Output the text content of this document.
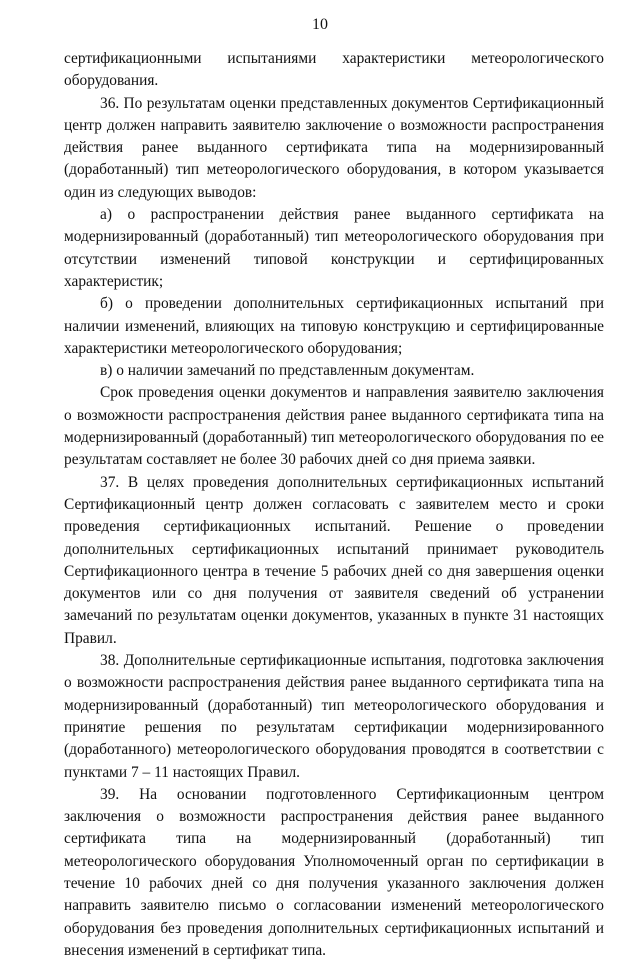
10

сертификационными испытаниями характеристики метеорологического оборудования.

36. По результатам оценки представленных документов Сертификационный центр должен направить заявителю заключение о возможности распространения действия ранее выданного сертификата типа на модернизированный (доработанный) тип метеорологического оборудования, в котором указывается один из следующих выводов:

а) о распространении действия ранее выданного сертификата на модернизированный (доработанный) тип метеорологического оборудования при отсутствии изменений типовой конструкции и сертифицированных характеристик;

б) о проведении дополнительных сертификационных испытаний при наличии изменений, влияющих на типовую конструкцию и сертифицированные характеристики метеорологического оборудования;

в) о наличии замечаний по представленным документам.

Срок проведения оценки документов и направления заявителю заключения о возможности распространения действия ранее выданного сертификата типа на модернизированный (доработанный) тип метеорологического оборудования по ее результатам составляет не более 30 рабочих дней со дня приема заявки.

37. В целях проведения дополнительных сертификационных испытаний Сертификационный центр должен согласовать с заявителем место и сроки проведения сертификационных испытаний. Решение о проведении дополнительных сертификационных испытаний принимает руководитель Сертификационного центра в течение 5 рабочих дней со дня завершения оценки документов или со дня получения от заявителя сведений об устранении замечаний по результатам оценки документов, указанных в пункте 31 настоящих Правил.

38. Дополнительные сертификационные испытания, подготовка заключения о возможности распространения действия ранее выданного сертификата типа на модернизированный (доработанный) тип метеорологического оборудования и принятие решения по результатам сертификации модернизированного (доработанного) метеорологического оборудования проводятся в соответствии с пунктами 7 – 11 настоящих Правил.

39. На основании подготовленного Сертификационным центром заключения о возможности распространения действия ранее выданного сертификата типа на модернизированный (доработанный) тип метеорологического оборудования Уполномоченный орган по сертификации в течение 10 рабочих дней со дня получения указанного заключения должен направить заявителю письмо о согласовании изменений метеорологического оборудования без проведения дополнительных сертификационных испытаний и внесения изменений в сертификат типа.
